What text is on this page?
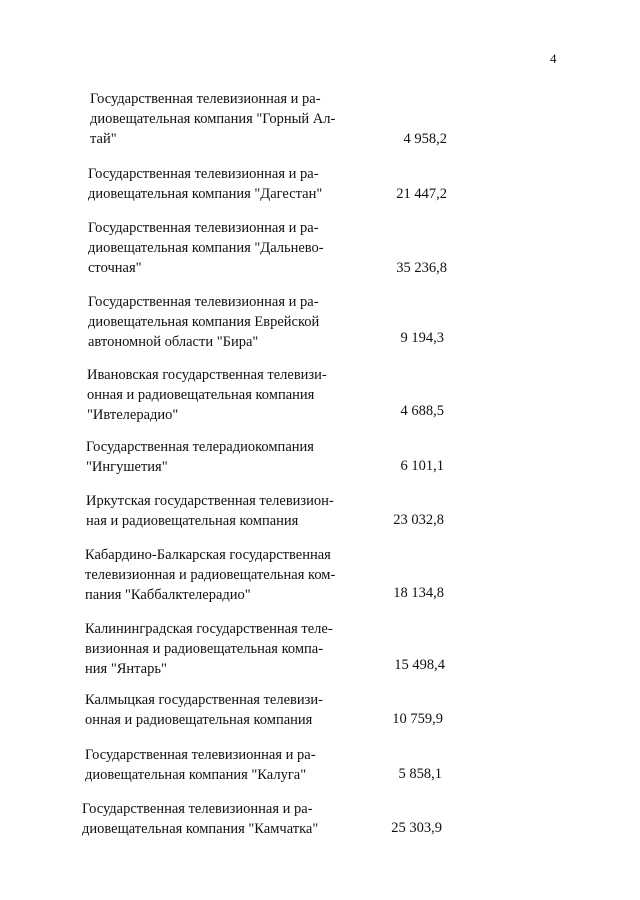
4
Государственная телевизионная и ра-
диовещательная компания "Горный Ал-
тай"	4 958,2
Государственная телевизионная и ра-
диовещательная компания "Дагестан"	21 447,2
Государственная телевизионная и ра-
диовещательная компания "Дальнево-
сточная"	35 236,8
Государственная телевизионная и ра-
диовещательная компания Еврейской
автономной области "Бира"	9 194,3
Ивановская государственная телевизи-
онная и радиовещательная компания
"Ивтелерадио"	4 688,5
Государственная телерадиокомпания
"Ингушетия"	6 101,1
Иркутская государственная телевизион-
ная и радиовещательная компания	23 032,8
Кабардино-Балкарская государственная
телевизионная и радиовещательная ком-
пания "Каббалктелерадио"	18 134,8
Калининградская государственная теле-
визионная и радиовещательная компа-
ния "Янтарь"	15 498,4
Калмыцкая государственная телевизи-
онная и радиовещательная компания	10 759,9
Государственная телевизионная и ра-
диовещательная компания "Калуга"	5 858,1
Государственная телевизионная и ра-
диовещательная компания "Камчатка"	25 303,9
